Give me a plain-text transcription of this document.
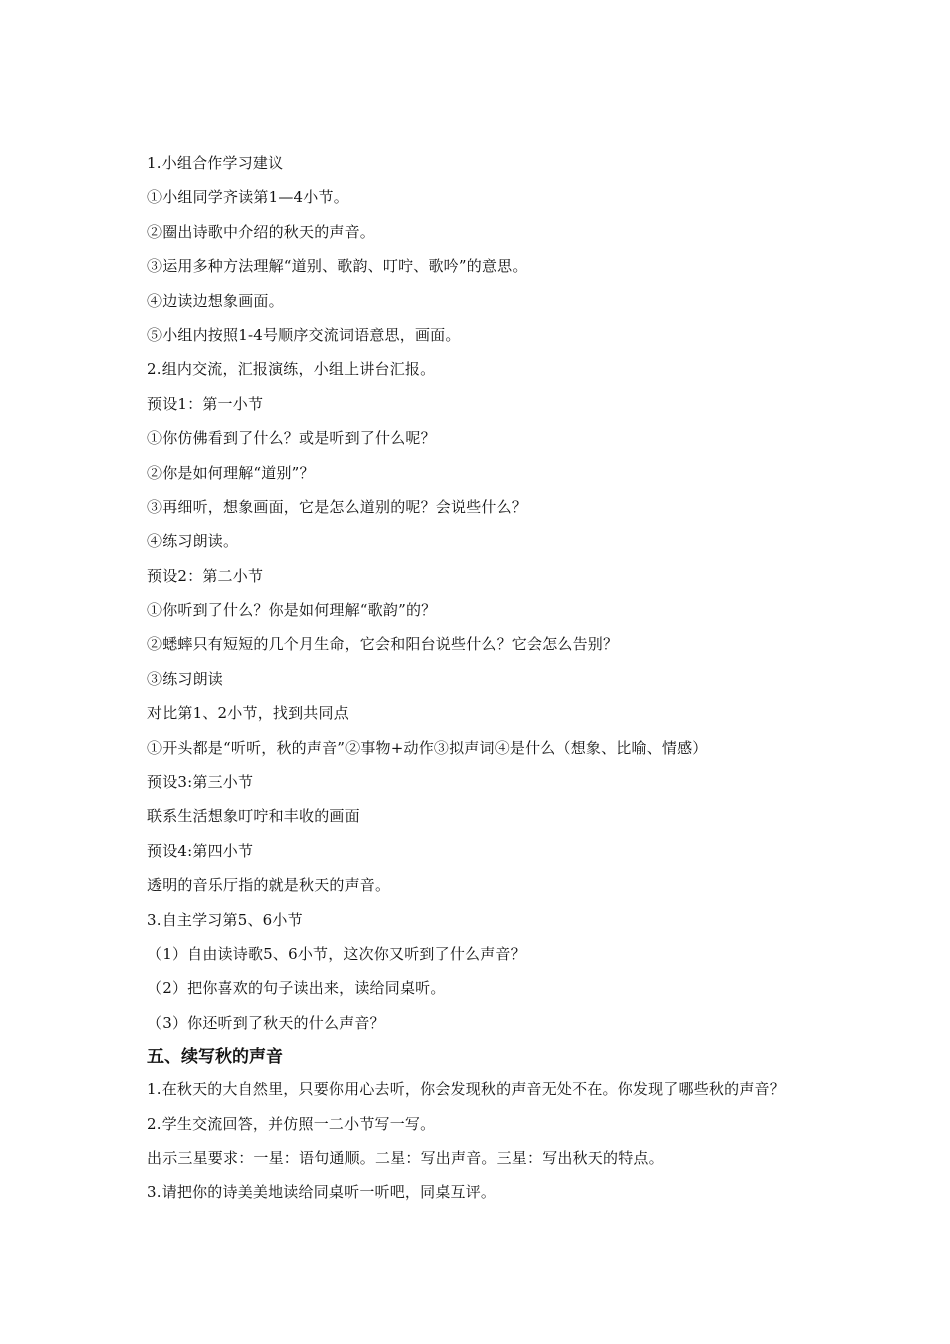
1.小组合作学习建议
①小组同学齐读第1—4小节。
②圈出诗歌中介绍的秋天的声音。
③运用多种方法理解“道别、歌韵、叮咛、歌吟”的意思。
④边读边想象画面。
⑤小组内按照1-4号顺序交流词语意思，画面。
2.组内交流，汇报演练，小组上讲台汇报。
预设1：第一小节
①你仿佛看到了什么？或是听到了什么呢？
②你是如何理解“道别”？
③再细听，想象画面，它是怎么道别的呢？会说些什么？
④练习朗读。
预设2：第二小节
①你听到了什么？你是如何理解“歌韵”的？
②蟋蟀只有短短的几个月生命，它会和阳台说些什么？它会怎么告别？
③练习朗读
对比第1、2小节，找到共同点
①开头都是“听听，秋的声音”②事物+动作③拟声词④是什么（想象、比喻、情感）
预设3:第三小节
联系生活想象叮咛和丰收的画面
预设4:第四小节
透明的音乐厅指的就是秋天的声音。
3.自主学习第5、6小节
（1）自由读诗歌5、6小节，这次你又听到了什么声音？
（2）把你喜欢的句子读出来，读给同桌听。
（3）你还听到了秋天的什么声音？
五、续写秋的声音
1.在秋天的大自然里，只要你用心去听，你会发现秋的声音无处不在。你发现了哪些秋的声音？
2.学生交流回答，并仿照一二小节写一写。
出示三星要求：一星：语句通顺。二星：写出声音。三星：写出秋天的特点。
3.请把你的诗美美地读给同桌听一听吧，同桌互评。
